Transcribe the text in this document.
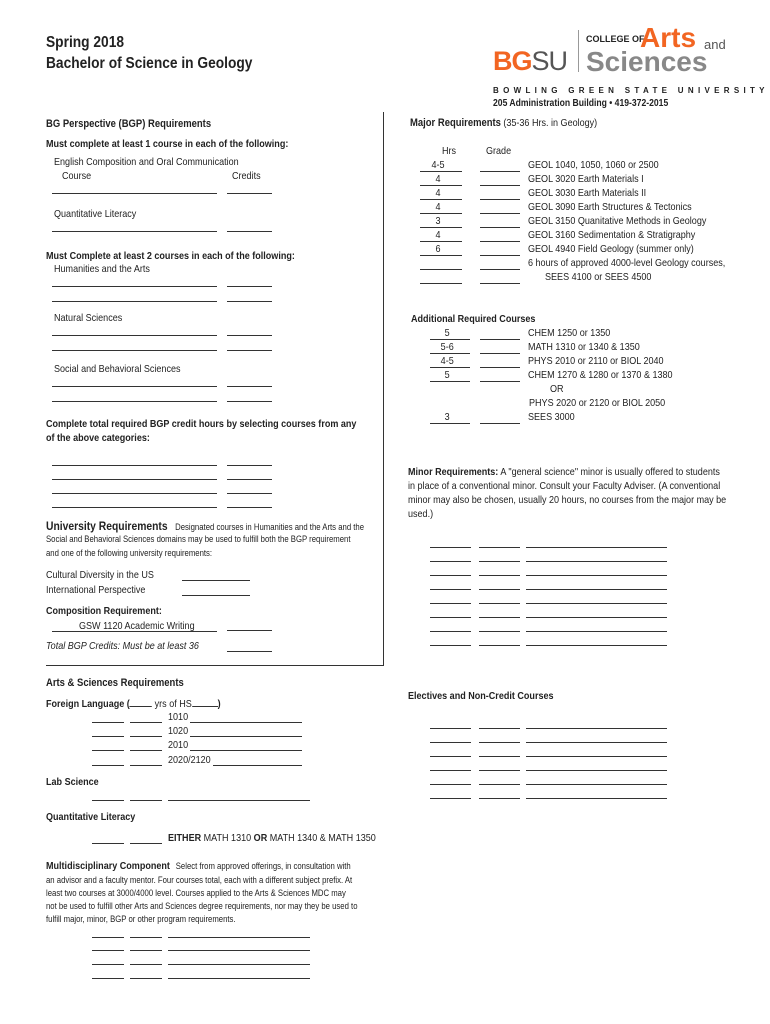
Spring 2018
Bachelor of Science in Geology	BGSU
COLLEGE OF
Arts and
Sciences
BOWLING GREEN STATE UNIVERSITY
205 Administration Building • 419-372-2015
BG Perspective (BGP) Requirements
Must complete at least 1 course in each of the following:
English Composition and Oral Communication
Course	Credits
Quantitative Literacy
Must Complete at least 2 courses in each of the following:
Humanities and the Arts
Natural Sciences
Social and Behavioral Sciences
Complete total required BGP credit hours by selecting courses from any
of the above categories:
University Requirements Designated courses in Humanities and the Arts and the
Social and Behavioral Sciences domains may be used to fulfill both the BGP requirement
and one of the following university requirements:
Cultural Diversity in the US
International Perspective
Composition Requirement:
GSW 1120 Academic Writing
Total BGP Credits: Must be at least 36
Arts & Sciences Requirements
Foreign Language ( yrs of HS )
1010
1020
2010
2020/2120
Lab Science
Quantitative Literacy
EITHER MATH 1310 OR MATH 1340 & MATH 1350
Multidisciplinary Component Select from approved offerings, in consultation with
an advisor and a faculty mentor. Four courses total, each with a different subject prefix. At
least two courses at 3000/4000 level. Courses applied to the Arts & Sciences MDC may
not be used to fulfill other Arts and Sciences degree requirements, nor may they be used to
fulfill major, minor, BGP or other program requirements.
Major Requirements (35-36 Hrs. in Geology)
Hrs	Grade
4-5	GEOL 1040, 1050, 1060 or 2500
4	GEOL 3020 Earth Materials I
4	GEOL 3030 Earth Materials II
4	GEOL 3090 Earth Structures & Tectonics
3	GEOL 3150 Quanitative Methods in Geology
4	GEOL 3160 Sedimentation & Stratigraphy
6	GEOL 4940 Field Geology (summer only)
6 hours of approved 4000-level Geology courses,
SEES 4100 or SEES 4500
Additional Required Courses
5	CHEM 1250 or 1350
5-6	MATH 1310 or 1340 & 1350
4-5	PHYS 2010 or 2110 or BIOL 2040
5	CHEM 1270 & 1280 or 1370 & 1380
OR
PHYS 2020 or 2120 or BIOL 2050
3	SEES 3000
Minor Requirements: A "general science" minor is usually offered to students
in place of a conventional minor. Consult your Faculty Adviser. (A conventional
minor may also be chosen, usually 20 hours, no courses from the major may be
used.)
Electives and Non-Credit Courses
